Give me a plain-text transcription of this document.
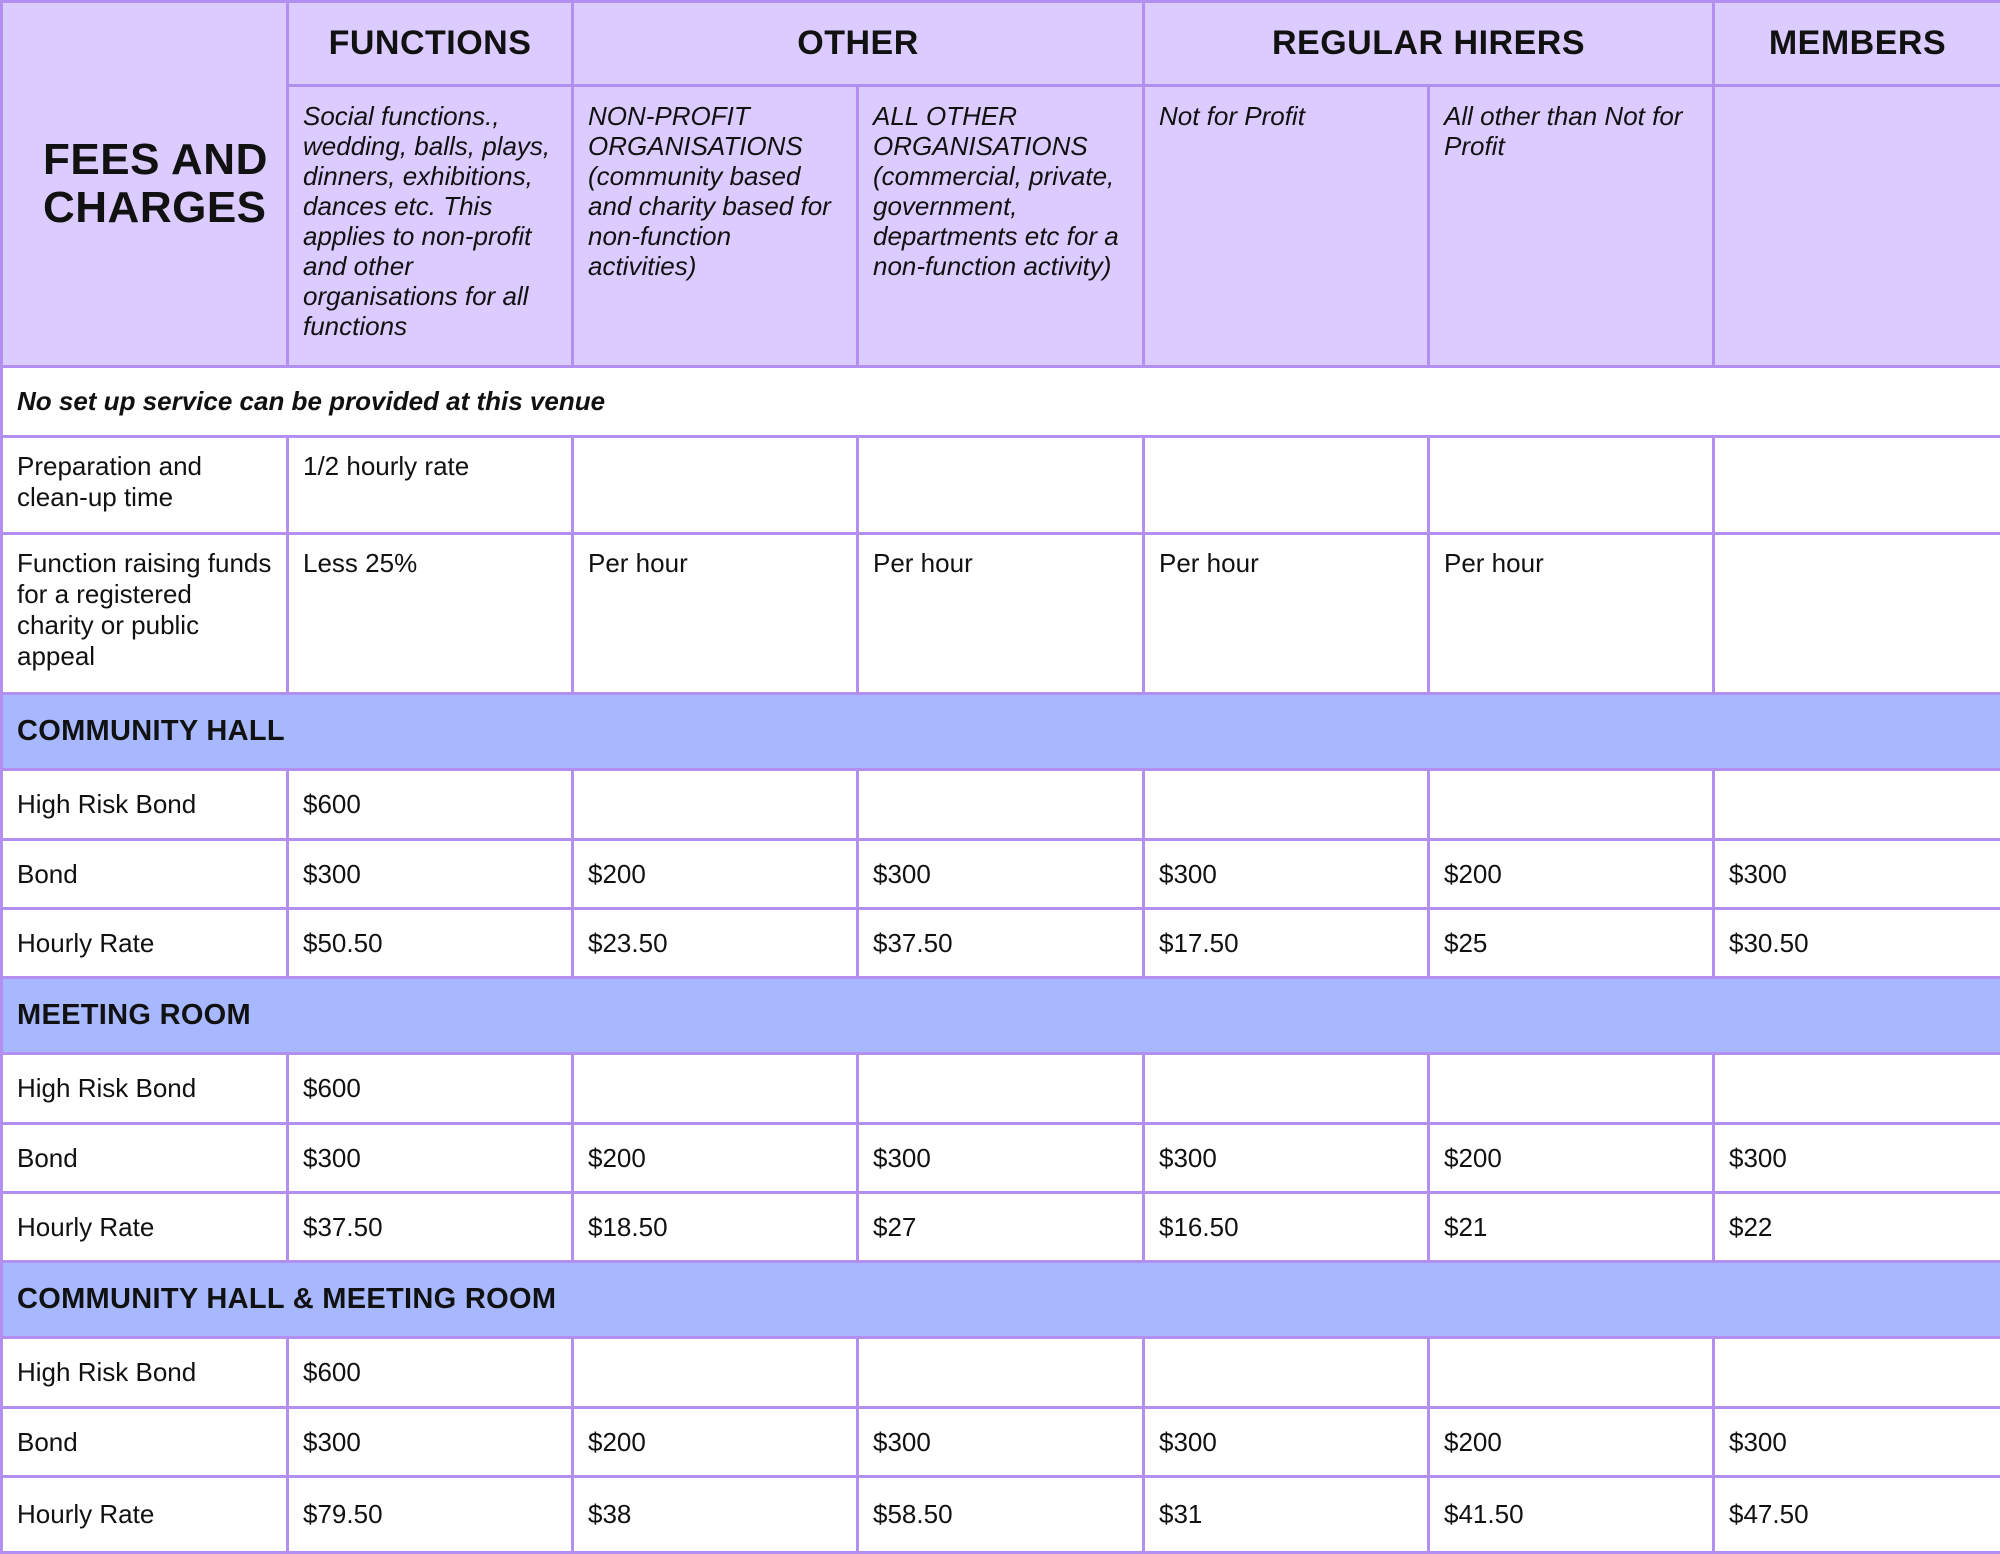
FEES AND CHARGES	FUNCTIONS	OTHER		REGULAR HIRERS		MEMBERS
	Social functions., wedding, balls, plays, dinners, exhibitions, dances etc. This applies to non-profit and other organisations for all functions	NON-PROFIT ORGANISATIONS (community based and charity based for non-function activities)	ALL OTHER ORGANISATIONS (commercial, private, government, departments etc for a non-function activity)	Not for Profit	All other than Not for Profit	
No set up service can be provided at this venue						
Preparation and clean-up time	1/2 hourly rate					
Function raising funds for a registered charity or public appeal	Less 25%	Per hour	Per hour	Per hour	Per hour	
COMMUNITY HALL						
High Risk Bond	$600					
Bond	$300	$200	$300	$300	$200	$300
Hourly Rate	$50.50	$23.50	$37.50	$17.50	$25	$30.50
MEETING ROOM						
High Risk Bond	$600					
Bond	$300	$200	$300	$300	$200	$300
Hourly Rate	$37.50	$18.50	$27	$16.50	$21	$22
COMMUNITY HALL & MEETING ROOM						
High Risk Bond	$600					
Bond	$300	$200	$300	$300	$200	$300
Hourly Rate	$79.50	$38	$58.50	$31	$41.50	$47.50
